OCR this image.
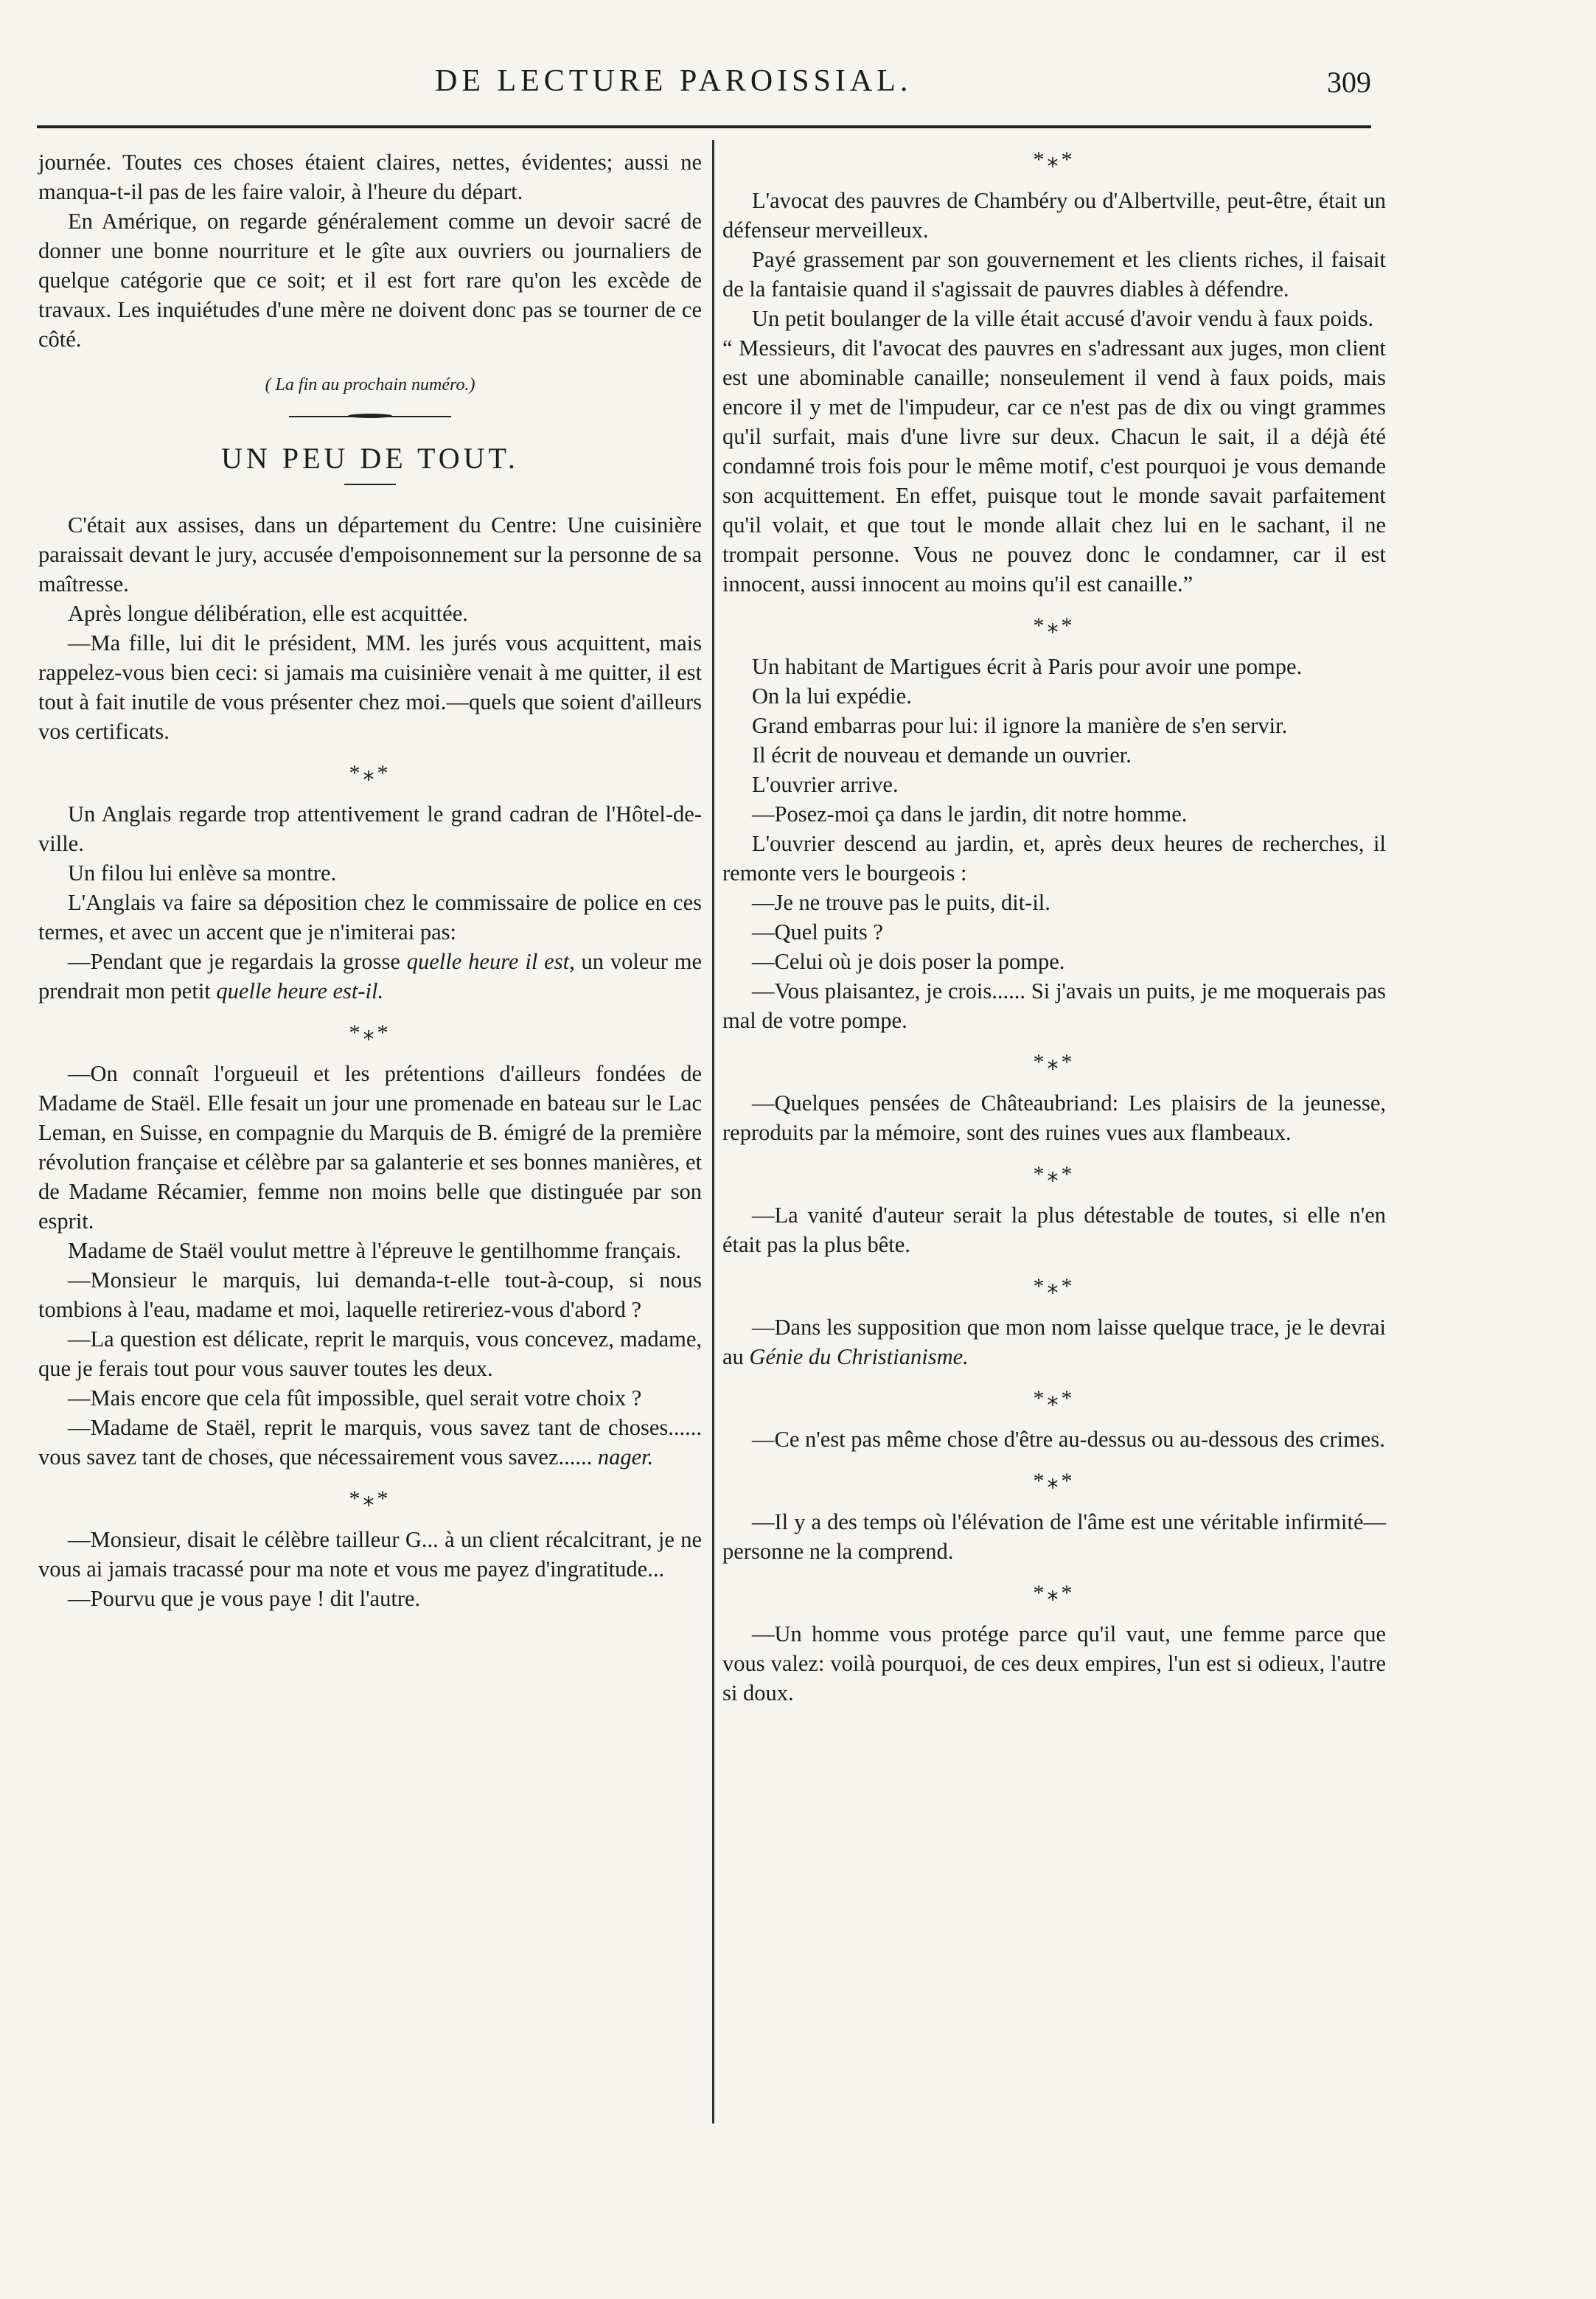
DE LECTURE PAROISSIAL.	309

journée. Toutes ces choses étaient claires, nettes, évidentes; aussi ne manqua-t-il pas de les faire valoir, à l'heure du départ.

En Amérique, on regarde généralement comme un devoir sacré de donner une bonne nourriture et le gîte aux ouvriers ou journaliers de quelque catégorie que ce soit; et il est fort rare qu'on les excède de travaux. Les inquiétudes d'une mère ne doivent donc pas se tourner de ce côté.

( La fin au prochain numéro.)
UN PEU DE TOUT.

C'était aux assises, dans un département du Centre: Une cuisinière paraissait devant le jury, accusée d'empoisonnement sur la personne de sa maîtresse.

Après longue délibération, elle est acquittée.

—Ma fille, lui dit le président, MM. les jurés vous acquittent, mais rappelez-vous bien ceci: si jamais ma cuisinière venait à me quitter, il est tout à fait inutile de vous présenter chez moi.—quels que soient d'ailleurs vos certificats.

*⁎*

Un Anglais regarde trop attentivement le grand cadran de l'Hôtel-de-ville.

Un filou lui enlève sa montre.

L'Anglais va faire sa déposition chez le commissaire de police en ces termes, et avec un accent que je n'imiterai pas:

—Pendant que je regardais la grosse quelle heure il est, un voleur me prendrait mon petit quelle heure est-il.

*⁎*

—On connaît l'orgueuil et les prétentions d'ailleurs fondées de Madame de Staël. Elle fesait un jour une promenade en bateau sur le Lac Leman, en Suisse, en compagnie du Marquis de B. émigré de la première révolution française et célèbre par sa galanterie et ses bonnes manières, et de Madame Récamier, femme non moins belle que distinguée par son esprit.

Madame de Staël voulut mettre à l'épreuve le gentilhomme français.

—Monsieur le marquis, lui demanda-t-elle tout-à-coup, si nous tombions à l'eau, madame et moi, laquelle retireriez-vous d'abord ?

—La question est délicate, reprit le marquis, vous concevez, madame, que je ferais tout pour vous sauver toutes les deux.

—Mais encore que cela fût impossible, quel serait votre choix ?

—Madame de Staël, reprit le marquis, vous savez tant de choses...... vous savez tant de choses, que nécessairement vous savez...... nager.

*⁎*

—Monsieur, disait le célèbre tailleur G... à un client récalcitrant, je ne vous ai jamais tracassé pour ma note et vous me payez d'ingratitude...

—Pourvu que je vous paye ! dit l'autre.

*⁎*

L'avocat des pauvres de Chambéry ou d'Albertville, peut-être, était un défenseur merveilleux.

Payé grassement par son gouvernement et les clients riches, il faisait de la fantaisie quand il s'agissait de pauvres diables à défendre.

Un petit boulanger de la ville était accusé d'avoir vendu à faux poids.

“ Messieurs, dit l'avocat des pauvres en s'adressant aux juges, mon client est une abominable canaille; nonseulement il vend à faux poids, mais encore il y met de l'impudeur, car ce n'est pas de dix ou vingt grammes qu'il surfait, mais d'une livre sur deux. Chacun le sait, il a déjà été condamné trois fois pour le même motif, c'est pourquoi je vous demande son acquittement. En effet, puisque tout le monde savait parfaitement qu'il volait, et que tout le monde allait chez lui en le sachant, il ne trompait personne. Vous ne pouvez donc le condamner, car il est innocent, aussi innocent au moins qu'il est canaille.”

*⁎*

Un habitant de Martigues écrit à Paris pour avoir une pompe.

On la lui expédie.

Grand embarras pour lui: il ignore la manière de s'en servir.

Il écrit de nouveau et demande un ouvrier.

L'ouvrier arrive.

—Posez-moi ça dans le jardin, dit notre homme.

L'ouvrier descend au jardin, et, après deux heures de recherches, il remonte vers le bourgeois :

—Je ne trouve pas le puits, dit-il.

—Quel puits ?

—Celui où je dois poser la pompe.

—Vous plaisantez, je crois...... Si j'avais un puits, je me moquerais pas mal de votre pompe.

*⁎*

—Quelques pensées de Châteaubriand: Les plaisirs de la jeunesse, reproduits par la mémoire, sont des ruines vues aux flambeaux.

*⁎*

—La vanité d'auteur serait la plus détestable de toutes, si elle n'en était pas la plus bête.

*⁎*

—Dans les supposition que mon nom laisse quelque trace, je le devrai au Génie du Christianisme.

*⁎*

—Ce n'est pas même chose d'être au-dessus ou au-dessous des crimes.

*⁎*

—Il y a des temps où l'élévation de l'âme est une véritable infirmité—personne ne la comprend.

*⁎*

—Un homme vous protége parce qu'il vaut, une femme parce que vous valez: voilà pourquoi, de ces deux empires, l'un est si odieux, l'autre si doux.
